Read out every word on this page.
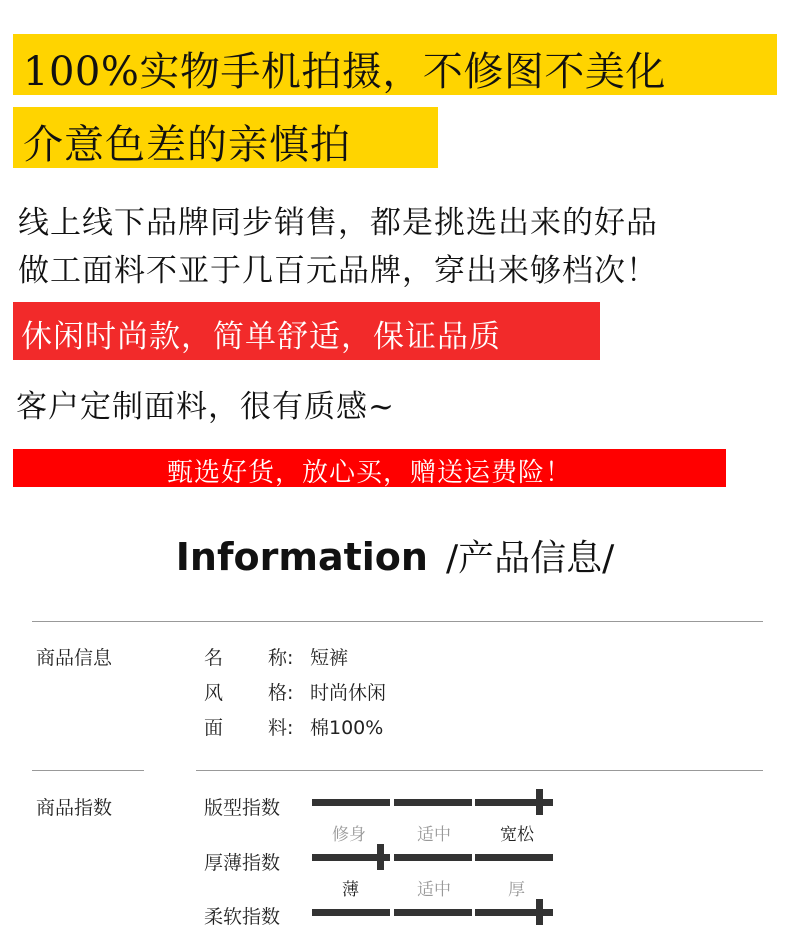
100%实物手机拍摄，不修图不美化
介意色差的亲慎拍
线上线下品牌同步销售，都是挑选出来的好品
做工面料不亚于几百元品牌，穿出来够档次！
休闲时尚款，简单舒适，保证品质
客户定制面料，很有质感~
甄选好货，放心买，赠送运费险！
Information /产品信息/
商品信息	名 称: 短裤
风 格: 时尚休闲
面 料: 棉100%
商品指数	版型指数
修身	适中	宽松
厚薄指数
薄	适中	厚
柔软指数
